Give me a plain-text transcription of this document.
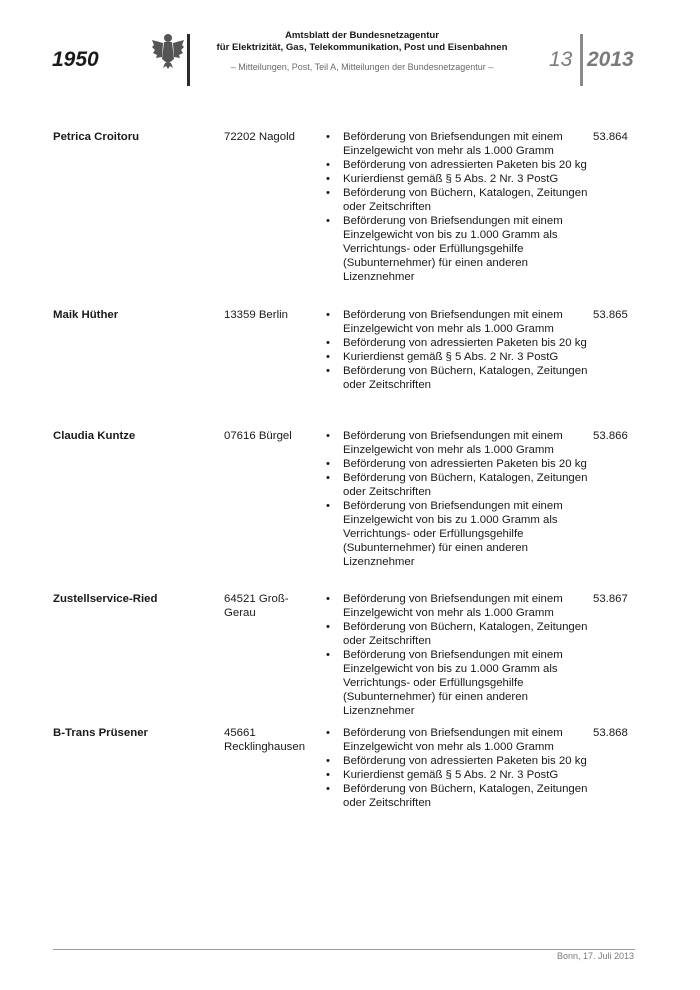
1950
Amtsblatt der Bundesnetzagentur
für Elektrizität, Gas, Telekommunikation, Post und Eisenbahnen
– Mitteilungen, Post, Teil A, Mitteilungen der Bundesnetzagentur –	13 2013
Petrica Croitoru	72202 Nagold	• Beförderung von Briefsendungen mit einem Einzelgewicht von mehr als 1.000 Gramm
• Beförderung von adressierten Paketen bis 20 kg
• Kurierdienst gemäß § 5 Abs. 2 Nr. 3 PostG
• Beförderung von Büchern, Katalogen, Zeitungen oder Zeitschriften
• Beförderung von Briefsendungen mit einem Einzelgewicht von bis zu 1.000 Gramm als Verrichtungs- oder Erfüllungsgehilfe (Subunternehmer) für einen anderen Lizenznehmer
53.864
Maik Hüther	13359 Berlin	• Beförderung von Briefsendungen mit einem Einzelgewicht von mehr als 1.000 Gramm
• Beförderung von adressierten Paketen bis 20 kg
• Kurierdienst gemäß § 5 Abs. 2 Nr. 3 PostG
• Beförderung von Büchern, Katalogen, Zeitungen oder Zeitschriften
53.865
Claudia Kuntze	07616 Bürgel	• Beförderung von Briefsendungen mit einem Einzelgewicht von mehr als 1.000 Gramm
• Beförderung von adressierten Paketen bis 20 kg
• Beförderung von Büchern, Katalogen, Zeitungen oder Zeitschriften
• Beförderung von Briefsendungen mit einem Einzelgewicht von bis zu 1.000 Gramm als Verrichtungs- oder Erfüllungsgehilfe (Subunternehmer) für einen anderen Lizenznehmer
53.866
Zustellservice-Ried	64521 Groß-Gerau
• Beförderung von Briefsendungen mit einem Einzelgewicht von mehr als 1.000 Gramm
• Beförderung von Büchern, Katalogen, Zeitungen oder Zeitschriften
• Beförderung von Briefsendungen mit einem Einzelgewicht von bis zu 1.000 Gramm als Verrichtungs- oder Erfüllungsgehilfe (Subunternehmer) für einen anderen Lizenznehmer
53.867
B-Trans Prüsener	45661 Recklinghausen
• Beförderung von Briefsendungen mit einem Einzelgewicht von mehr als 1.000 Gramm
• Beförderung von adressierten Paketen bis 20 kg
• Kurierdienst gemäß § 5 Abs. 2 Nr. 3 PostG
• Beförderung von Büchern, Katalogen, Zeitungen oder Zeitschriften
53.868
Bonn, 17. Juli 2013
